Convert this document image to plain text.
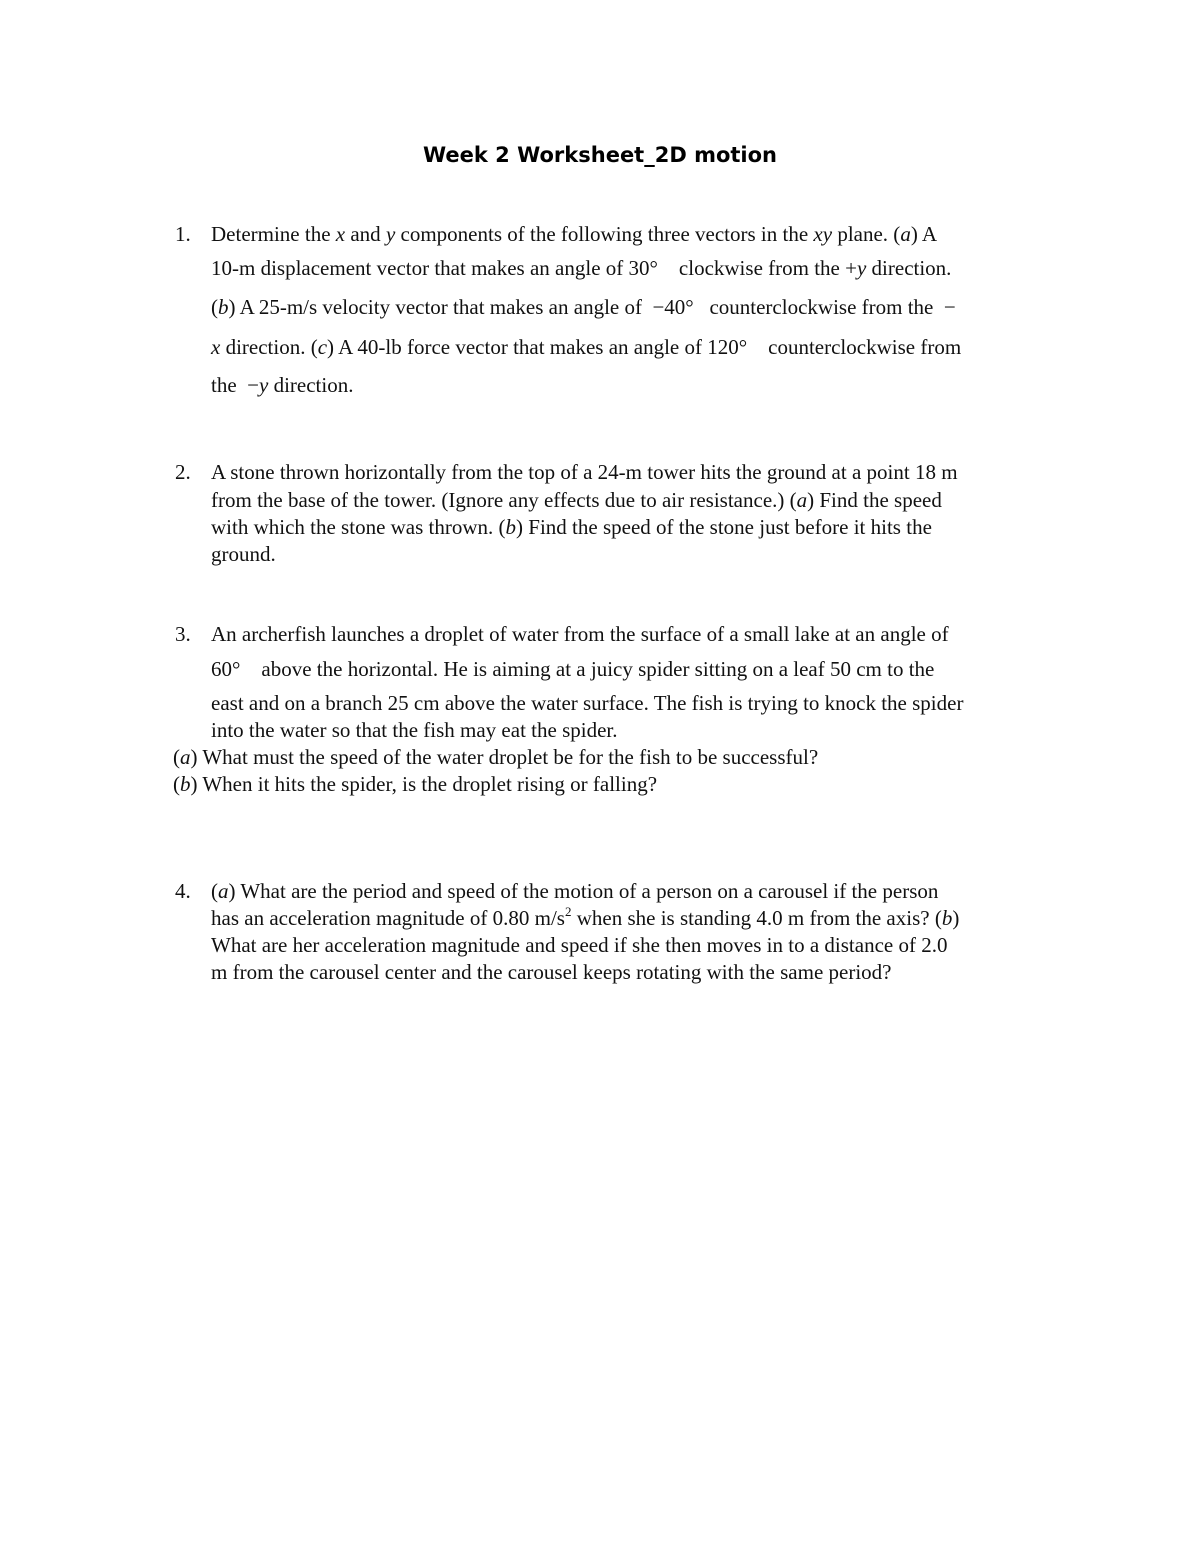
Week 2 Worksheet_2D motion
1. Determine the x and y components of the following three vectors in the xy plane. (a) A
10-m displacement vector that makes an angle of 30°    clockwise from the +y direction.
(b) A 25-m/s velocity vector that makes an angle of  −40°   counterclockwise from the  −
x direction. (c) A 40-lb force vector that makes an angle of 120°    counterclockwise from
the  −y direction.
2. A stone thrown horizontally from the top of a 24-m tower hits the ground at a point 18 m
from the base of the tower. (Ignore any effects due to air resistance.) (a) Find the speed
with which the stone was thrown. (b) Find the speed of the stone just before it hits the
ground.
3. An archerfish launches a droplet of water from the surface of a small lake at an angle of
60°    above the horizontal. He is aiming at a juicy spider sitting on a leaf 50 cm to the
east and on a branch 25 cm above the water surface. The fish is trying to knock the spider
into the water so that the fish may eat the spider.
(a) What must the speed of the water droplet be for the fish to be successful?
(b) When it hits the spider, is the droplet rising or falling?
4. (a) What are the period and speed of the motion of a person on a carousel if the person
has an acceleration magnitude of 0.80 $m/s^2$ when she is standing 4.0 m from the axis? (b)
What are her acceleration magnitude and speed if she then moves in to a distance of 2.0
m from the carousel center and the carousel keeps rotating with the same period?
